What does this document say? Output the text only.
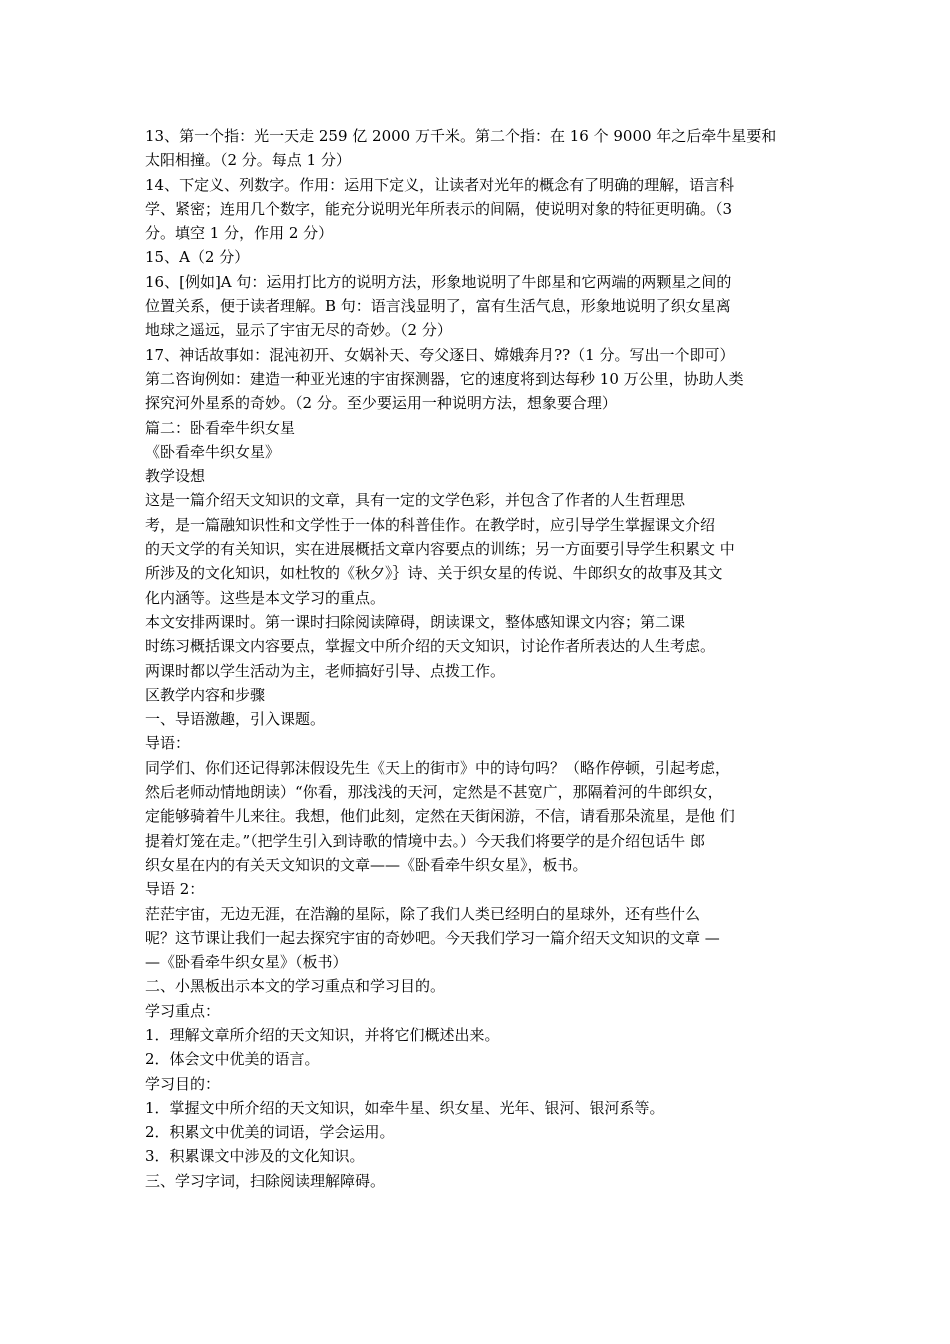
13、第一个指：光一天走 259 亿 2000 万千米。第二个指：在 16 个 9000 年之后牵牛星要和

太阳相撞。（2 分。每点 1 分）

14、下定义、列数字。作用：运用下定义，让读者对光年的概念有了明确的理解，语言科

学、紧密；连用几个数字，能充分说明光年所表示的间隔，使说明对象的特征更明确。（3

分。填空 1 分，作用 2 分）

15、A（2 分）

16、[例如]A 句：运用打比方的说明方法，形象地说明了牛郎星和它两端的两颗星之间的

位置关系，便于读者理解。B 句：语言浅显明了，富有生活气息，形象地说明了织女星离

地球之遥远，显示了宇宙无尽的奇妙。（2 分）

17、神话故事如：混沌初开、女娲补天、夸父逐日、嫦娥奔月??（1 分。写出一个即可）

第二咨询例如：建造一种亚光速的宇宙探测器，它的速度将到达每秒 10 万公里，协助人类

探究河外星系的奇妙。（2 分。至少要运用一种说明方法，想象要合理）

篇二：卧看牵牛织女星

《卧看牵牛织女星》

教学设想

这是一篇介绍天文知识的文章，具有一定的文学色彩，并包含了作者的人生哲理思

考，是一篇融知识性和文学性于一体的科普佳作。在教学时，应引导学生掌握课文介绍

的天文学的有关知识，实在进展概括文章内容要点的训练；另一方面要引导学生积累文 中

所涉及的文化知识，如杜牧的《秋夕》｝诗、关于织女星的传说、牛郎织女的故事及其文

化内涵等。这些是本文学习的重点。

本文安排两课时。第一课时扫除阅读障碍，朗读课文，整体感知课文内容；第二课

时练习概括课文内容要点，掌握文中所介绍的天文知识，讨论作者所表达的人生考虑。

两课时都以学生活动为主，老师搞好引导、点拨工作。

区教学内容和步骤

一、导语激趣，引入课题。

导语：

同学们、你们还记得郭沫假设先生《天上的街市》中的诗句吗？（略作停顿，引起考虑，

然后老师动情地朗读）“你看，那浅浅的天河，定然是不甚宽广，那隔着河的牛郎织女，

定能够骑着牛儿来往。我想，他们此刻，定然在天街闲游，不信，请看那朵流星，是他 们

提着灯笼在走。”（把学生引入到诗歌的情境中去。）今天我们将要学的是介绍包话牛 郎

织女星在内的有关天文知识的文章——《卧看牵牛织女星》，板书。

导语 2：

茫茫宇宙，无边无涯，在浩瀚的星际，除了我们人类已经明白的星球外，还有些什么

呢？这节课让我们一起去探究宇宙的奇妙吧。今天我们学习一篇介绍天文知识的文章 —

—《卧看牵牛织女星》（板书）

二、小黑板出示本文的学习重点和学习目的。

学习重点：

1．理解文章所介绍的天文知识，并将它们概述出来。

2．体会文中优美的语言。

学习目的：

1．掌握文中所介绍的天文知识，如牵牛星、织女星、光年、银河、银河系等。

2．积累文中优美的词语，学会运用。

3．积累课文中涉及的文化知识。

三、学习字词，扫除阅读理解障碍。
